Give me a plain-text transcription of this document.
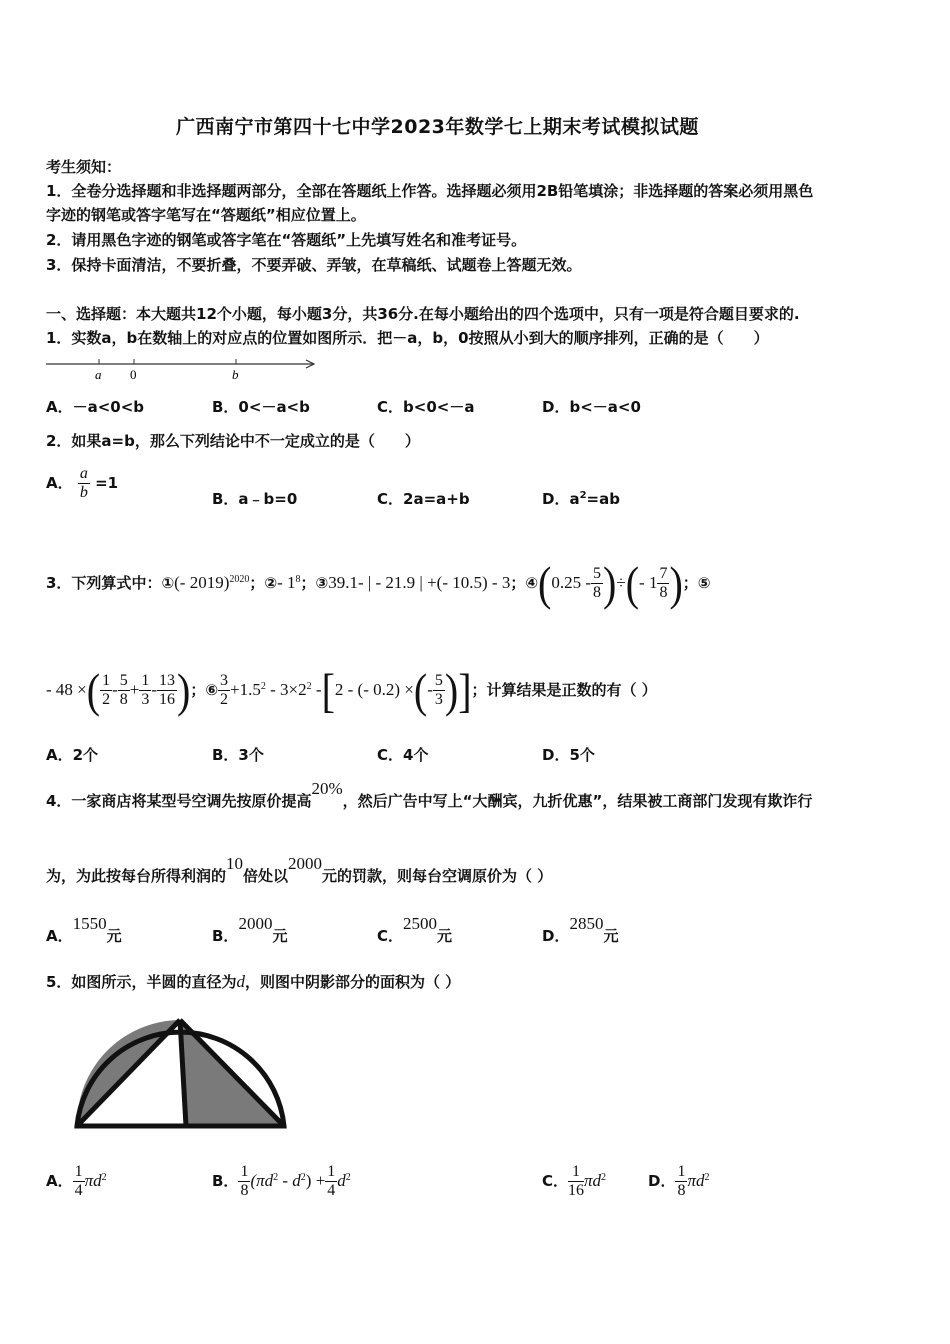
广西南宁市第四十七中学2023年数学七上期末考试模拟试题
考生须知：
1．全卷分选择题和非选择题两部分，全部在答题纸上作答。选择题必须用2B铅笔填涂；非选择题的答案必须用黑色
字迹的钢笔或答字笔写在“答题纸”相应位置上。
2．请用黑色字迹的钢笔或答字笔在“答题纸”上先填写姓名和准考证号。
3．保持卡面清洁，不要折叠，不要弄破、弄皱，在草稿纸、试题卷上答题无效。
一、选择题：本大题共12个小题，每小题3分，共36分.在每小题给出的四个选项中，只有一项是符合题目要求的.
1．实数a，b在数轴上的对应点的位置如图所示．把－a，b，0按照从小到大的顺序排列，正确的是（　　）
a 0	b
A．－a<0<b	B．0<－a<b	C．b<0<－a	D．b<－a<0
2．如果a=b，那么下列结论中不一定成立的是（　　）
A． $\frac{a}{b} =1$
B．a﹣b=0	C．2a=a+b	D．$a^2=ab$
3．下列算式中：①(- 2019)$^{2020}$；②- $1^8$；③39.1- | - 21.9 | +(- 10.5) - 3；④(0.25 - $\frac{5}{8}$ )÷(- $1 \frac{7}{8}$ )；⑤
- 48 ×( $\frac{1}{2} - \frac{5}{8} + \frac{1}{3} - \frac{13}{16}$ )；⑥ $\frac{3}{2} +1.5^2 - 3\times 2^2$ -[2 - (- 0.2) ×(- $\frac{5}{3}$ )]；计算结果是正数的有（ ）
A．2个	B．3个	C．4个	D．5个
4．一家商店将某型号空调先按原价提高20%，然后广告中写上“大酬宾，九折优惠”，结果被工商部门发现有欺诈行
为，为此按每台所得利润的10倍处以2000元的罚款，则每台空调原价为（ ）
A．1550元	B．2000元	C．2500元	D．2850元
5．如图所示，半圆的直径为d，则图中阴影部分的面积为（ ）
A． $\frac{1}{4} \pi d^2$	B． $\frac{1}{8} (\pi d^2 - d^2) + \frac{1}{4} d^2$	C． $\frac{1}{16} \pi d^2$	D． $\frac{1}{8} \pi d^2$
